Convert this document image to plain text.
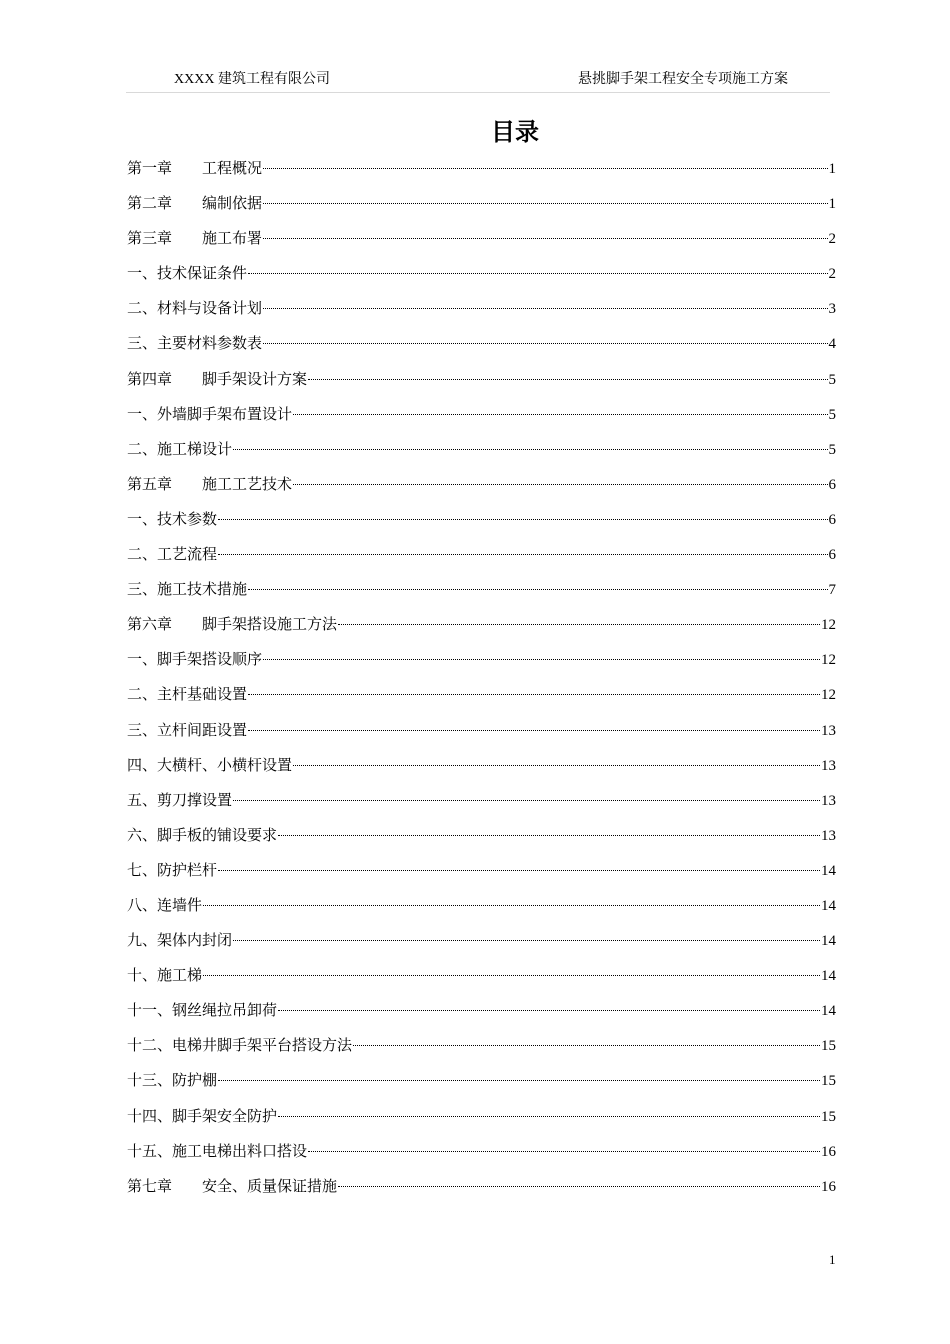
XXXX 建筑工程有限公司	悬挑脚手架工程安全专项施工方案
目录
第一章　　工程概况	1
第二章　　编制依据	1
第三章　　施工布署	2
一、技术保证条件	2
二、材料与设备计划	3
三、主要材料参数表	4
第四章　　脚手架设计方案	5
一、外墙脚手架布置设计	5
二、施工梯设计	5
第五章　　施工工艺技术	6
一、技术参数	6
二、工艺流程	6
三、施工技术措施	7
第六章　　脚手架搭设施工方法	12
一、脚手架搭设顺序	12
二、主杆基础设置	12
三、立杆间距设置	13
四、大横杆、小横杆设置	13
五、剪刀撑设置	13
六、脚手板的铺设要求	13
七、防护栏杆	14
八、连墙件	14
九、架体内封闭	14
十、施工梯	14
十一、钢丝绳拉吊卸荷	14
十二、电梯井脚手架平台搭设方法	15
十三、防护棚	15
十四、脚手架安全防护	15
十五、施工电梯出料口搭设	16
第七章　　安全、质量保证措施	16
1
